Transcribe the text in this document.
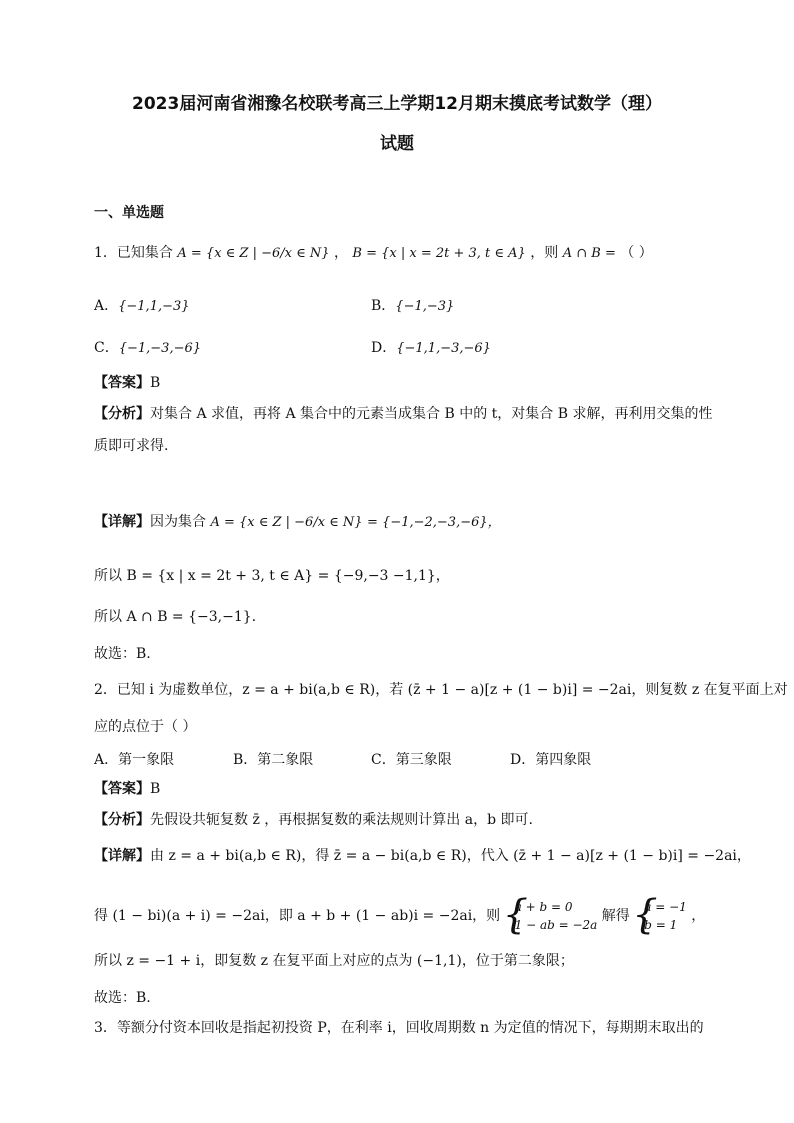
2023届河南省湘豫名校联考高三上学期12月期末摸底考试数学（理）
试题
一、单选题
1．已知集合 A = {x ∈ Z | −6/x ∈ N} ， B = {x | x = 2t + 3, t ∈ A} ，则 A ∩ B = （ ）
A．{−1,1,−3}	B．{−1,−3}
C．{−1,−3,−6}	D．{−1,1,−3,−6}
【答案】B
【分析】对集合 A 求值，再将 A 集合中的元素当成集合 B 中的 t，对集合 B 求解，再利用交集的性
质即可求得.
【详解】因为集合 A = {x ∈ Z | −6/x ∈ N} = {−1,−2,−3,−6}，
所以 B = {x | x = 2t + 3, t ∈ A} = {−9,−3 −1,1}，
所以 A ∩ B = {−3,−1}.
故选：B.
2．已知 i 为虚数单位，z = a + bi(a,b ∈ R)，若 (z̄ + 1 − a)[z + (1 − b)i] = −2ai，则复数 z 在复平面上对
应的点位于（ ）
A．第一象限	B．第二象限	C．第三象限	D．第四象限
【答案】B
【分析】先假设共轭复数 z̄ ，再根据复数的乘法规则计算出 a，b 即可.
【详解】由 z = a + bi(a,b ∈ R)，得 z̄ = a − bi(a,b ∈ R)，代入 (z̄ + 1 − a)[z + (1 − b)i] = −2ai，
得 (1 − bi)(a + i) = −2ai，即 a + b + (1 − ab)i = −2ai，则
{ a + b = 0
1 − ab = −2a
解得
{ a = −1
b = 1
，
所以 z = −1 + i，即复数 z 在复平面上对应的点为 (−1,1)，位于第二象限；
故选：B.
3．等额分付资本回收是指起初投资 P，在利率 i，回收周期数 n 为定值的情况下，每期期末取出的
